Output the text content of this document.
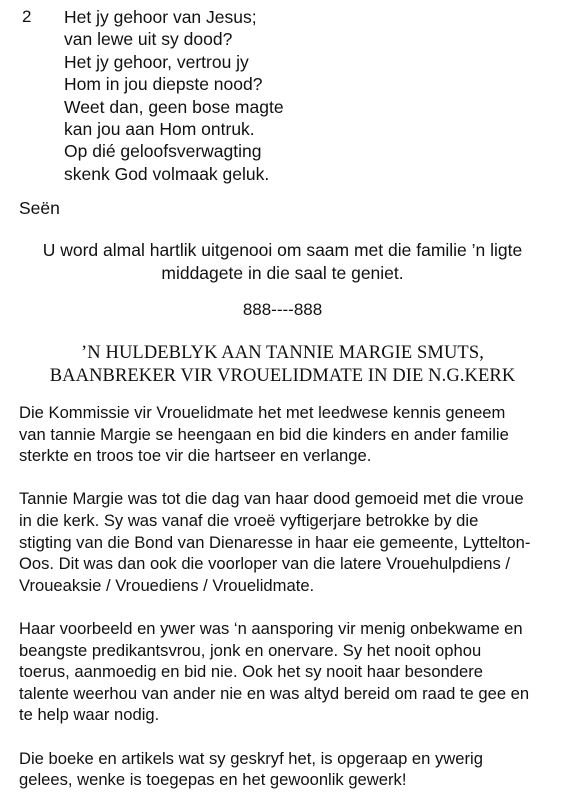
2 Het jy gehoor van Jesus;
van lewe uit sy dood?
Het jy gehoor, vertrou jy
Hom in jou diepste nood?
Weet dan, geen bose magte
kan jou aan Hom ontruk.
Op dié geloofsverwagting
skenk God volmaak geluk.
Seën
U word almal hartlik uitgenooi om saam met die familie ’n ligte
middagete in die saal te geniet.
888----888
’N HULDEBLYK AAN TANNIE MARGIE SMUTS,
BAANBREKER VIR VROUELIDMATE IN DIE N.G.KERK
Die Kommissie vir Vrouelidmate het met leedwese kennis geneem
van tannie Margie se heengaan en bid die kinders en ander familie
sterkte en troos toe vir die hartseer en verlange.
Tannie Margie was tot die dag van haar dood gemoeid met die vroue
in die kerk. Sy was vanaf die vroeë vyftigerjare betrokke by die
stigting van die Bond van Dienaresse in haar eie gemeente, Lyttelton-
Oos. Dit was dan ook die voorloper van die latere Vrouehulpdiens /
Vroueaksie / Vrouediens / Vrouelidmate.
Haar voorbeeld en ywer was ‘n aansporing vir menig onbekwame en
beangste predikantsvrou, jonk en onervare. Sy het nooit ophou
toerus, aanmoedig en bid nie. Ook het sy nooit haar besondere
talente weerhou van ander nie en was altyd bereid om raad te gee en
te help waar nodig.
Die boeke en artikels wat sy geskryf het, is opgeraap en ywerig
gelees, wenke is toegepas en het gewoonlik gewerk!
